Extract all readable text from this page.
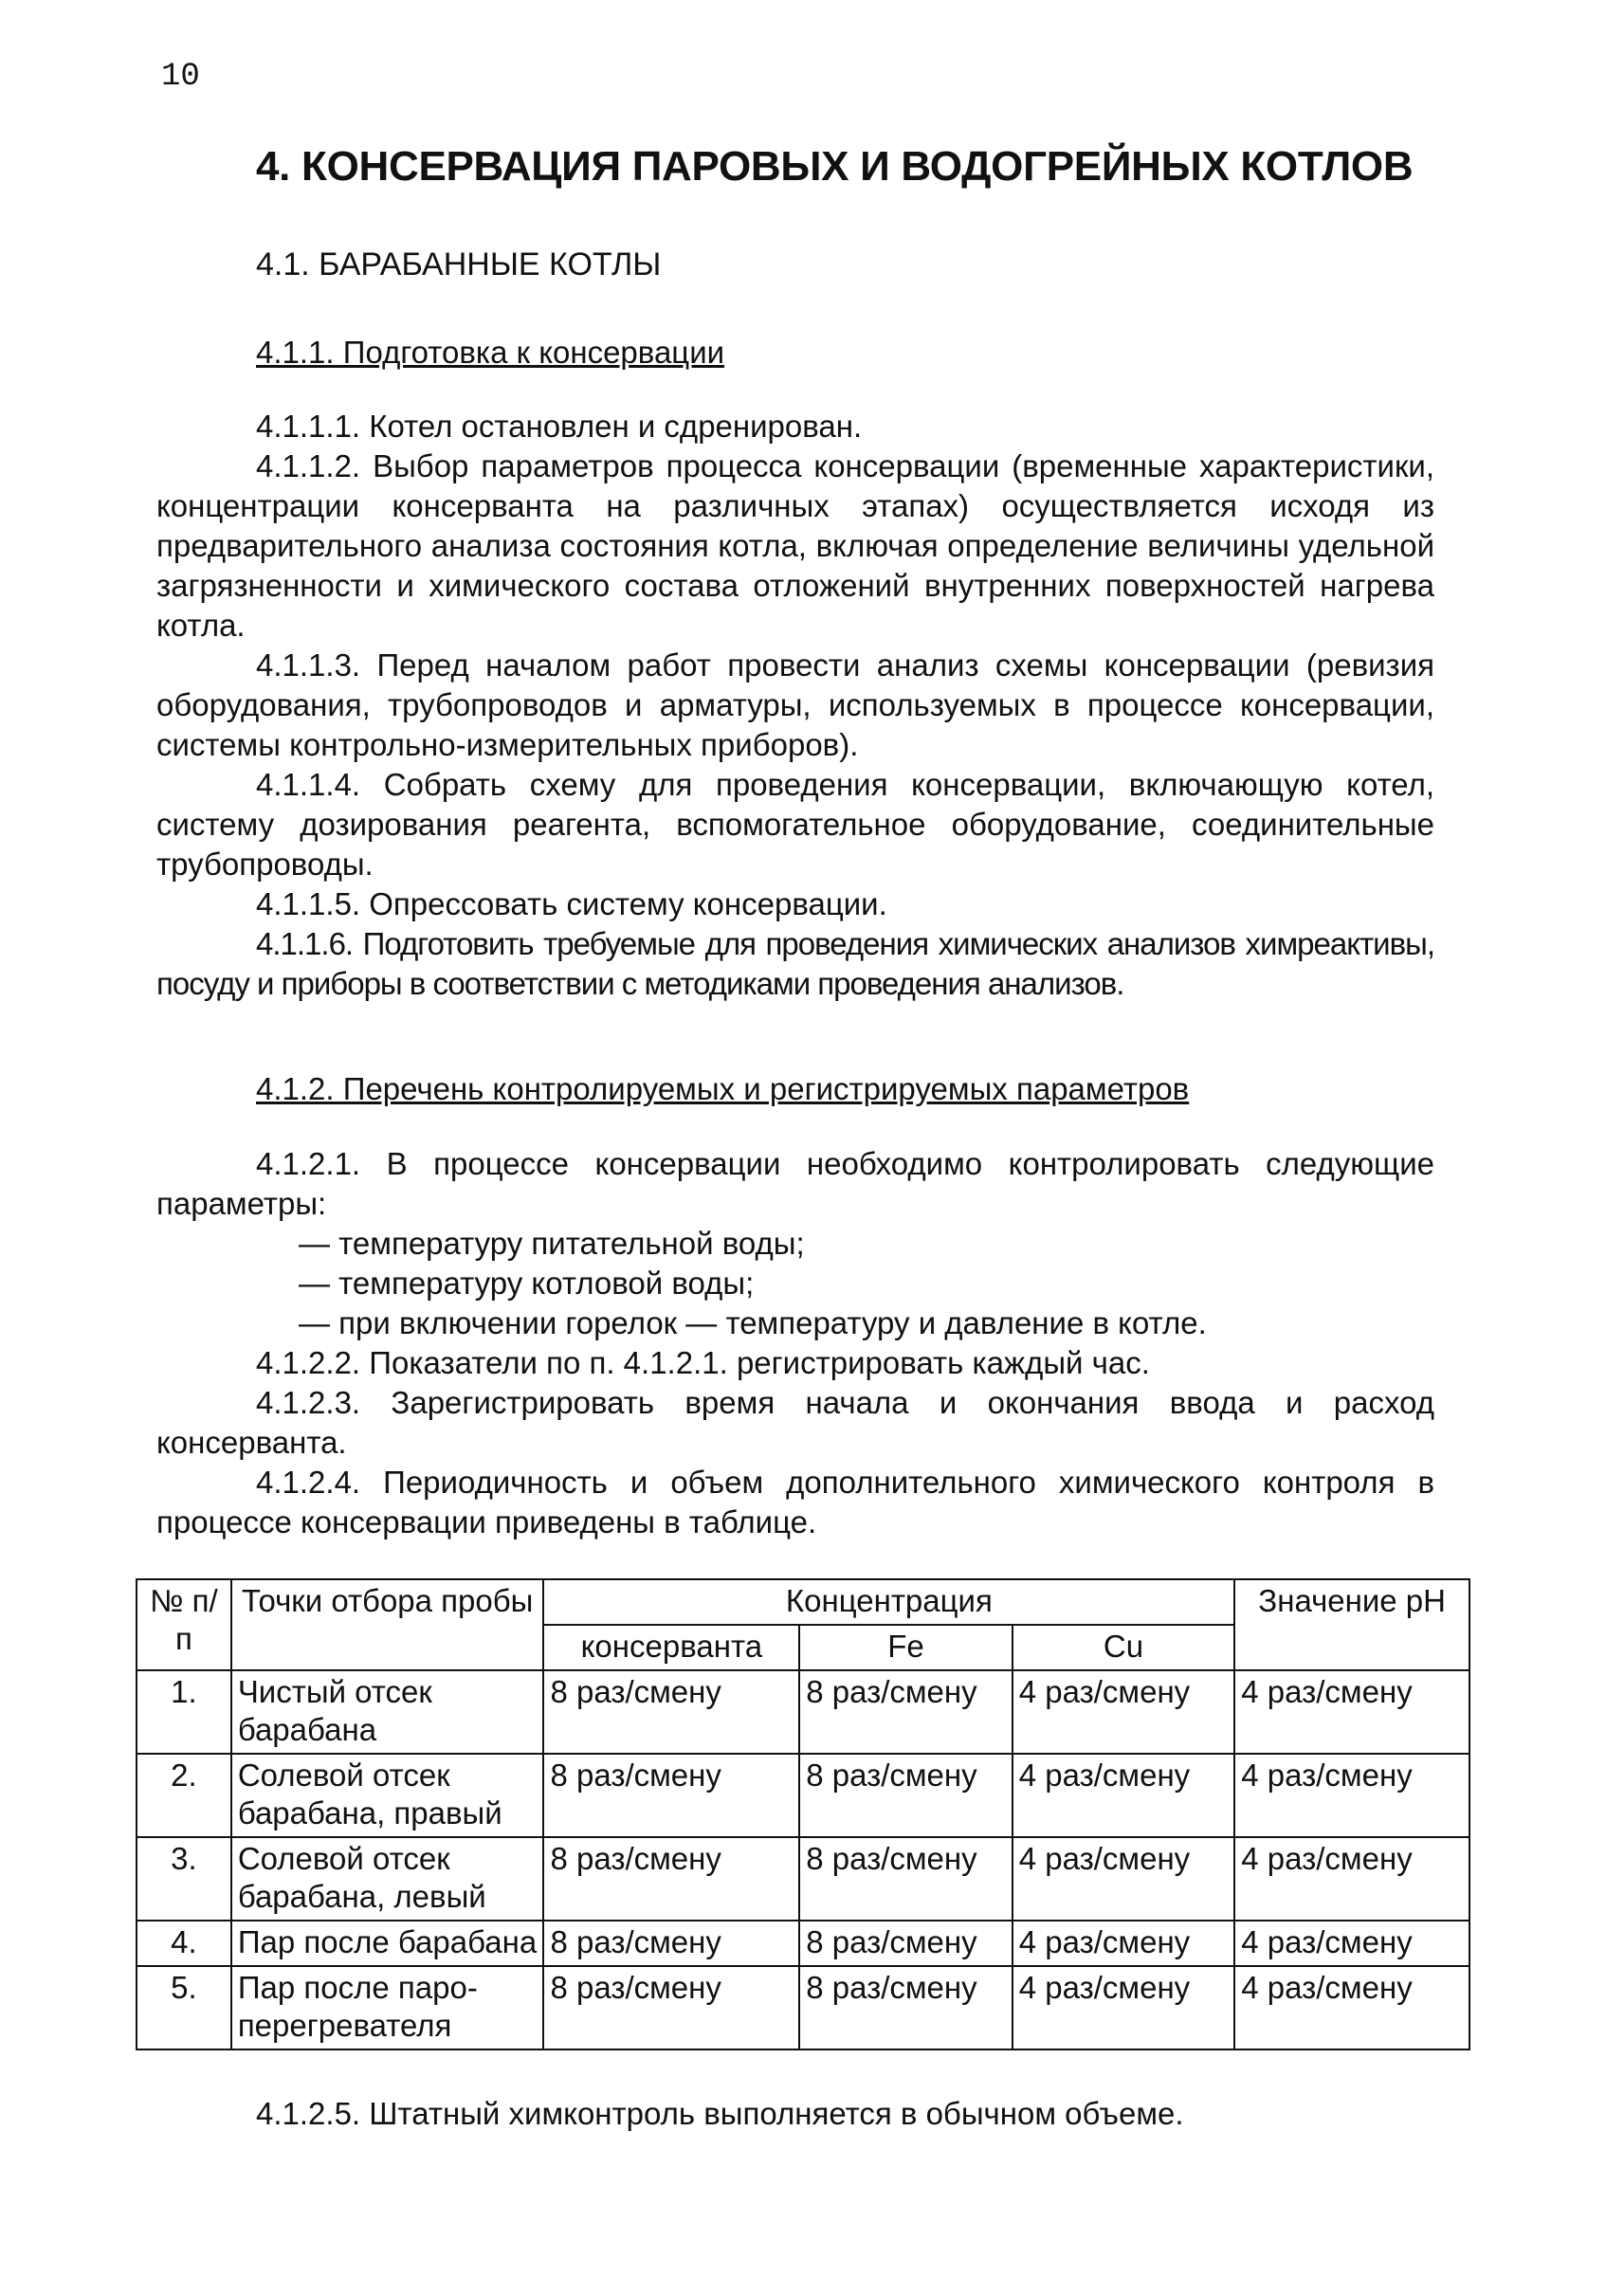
10
4. КОНСЕРВАЦИЯ ПАРОВЫХ И ВОДОГРЕЙНЫХ КОТЛОВ
4.1. БАРАБАННЫЕ КОТЛЫ
4.1.1. Подготовка к консервации

4.1.1.1. Котел остановлен и сдренирован.

4.1.1.2. Выбор параметров процесса консервации (временные характеристики, концентрации консерванта на различных этапах) осуществляется исходя из предварительного анализа состояния котла, включая определение величины удельной загрязненности и химического состава отложений внутренних поверхностей нагрева котла.

4.1.1.3. Перед началом работ провести анализ схемы консервации (ревизия оборудования, трубопроводов и арматуры, используемых в процессе консервации, системы контрольно-измерительных приборов).

4.1.1.4. Собрать схему для проведения консервации, включающую котел, систему дозирования реагента, вспомогательное оборудование, соединительные трубопроводы.

4.1.1.5. Опрессовать систему консервации.

4.1.1.6. Подготовить требуемые для проведения химических анализов химреактивы, посуду и приборы в соответствии с методиками проведения анализов.

4.1.2. Перечень контролируемых и регистрируемых параметров

4.1.2.1. В процессе консервации необходимо контролировать следующие параметры:

— температуру питательной воды;
— температуру котловой воды;
— при включении горелок — температуру и давление в котле.

4.1.2.2. Показатели по п. 4.1.2.1. регистрировать каждый час.

4.1.2.3. Зарегистрировать время начала и окончания ввода и расход консерванта.

4.1.2.4. Периодичность и объем дополнительного химического контроля в процессе консервации приведены в таблице.

№ п/п	Точки отбора пробы	Концентрация			Значение pH
		консерванта	Fe	Cu	
1.	Чистый отсек барабана	8 раз/смену	8 раз/смену	4 раз/смену	4 раз/смену
2.	Солевой отсек барабана, правый	8 раз/смену	8 раз/смену	4 раз/смену	4 раз/смену
3.	Солевой отсек барабана, левый	8 раз/смену	8 раз/смену	4 раз/смену	4 раз/смену
4.	Пар после барабана	8 раз/смену	8 раз/смену	4 раз/смену	4 раз/смену
5.	Пар после паро-перегревателя	8 раз/смену	8 раз/смену	4 раз/смену	4 раз/смену

4.1.2.5. Штатный химконтроль выполняется в обычном объеме.
